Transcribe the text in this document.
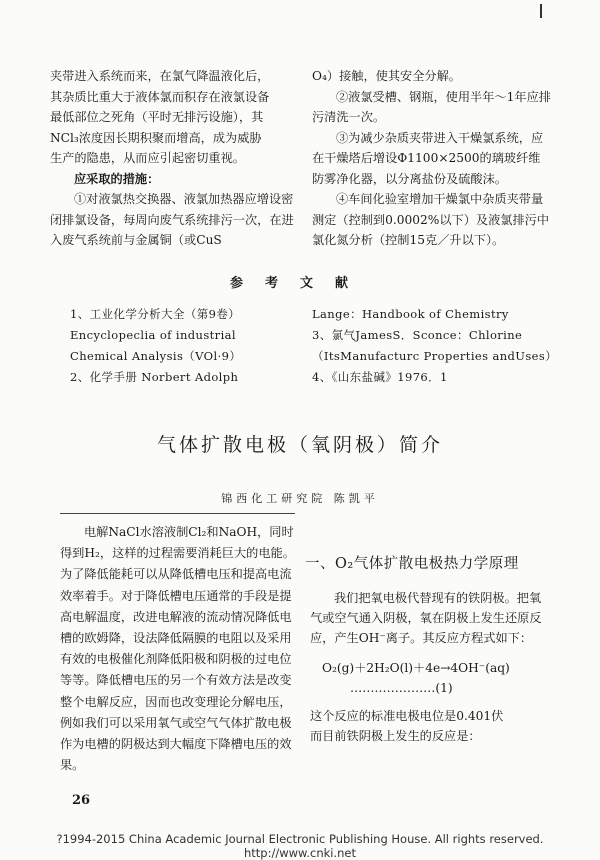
夹带进入系统而来，在氯气降温液化后，

其杂质比重大于液体氯而积存在液氯设备

最低部位之死角（平时无排污设施），其

NCl₃浓度因长期积聚而增高，成为威胁

生产的隐患，从而应引起密切重视。

应采取的措施：

①对液氯热交换器、液氯加热器应增设密闭排氯设备，每周向废气系统排污一次，在进入废气系统前与金属铜（或CuS

O₄）接触，使其安全分解。

②液氯受槽、钢瓶，使用半年～1年应排污清洗一次。

③为减少杂质夹带进入干燥氯系统，应在干燥塔后增设Φ1100×2500的璃玻纤维防雾净化器，以分离盐份及硫酸沫。

④车间化验室增加干燥氯中杂质夹带量测定（控制到0.0002%以下）及液氯排污中氯化氮分析（控制15克／升以下）。

参考文献

1、工业化学分析大全（第9卷）

Encyclopeclia of industrial

Chemical Analysis（VOl·9）

2、化学手册 Norbert Adolph

Lange：Handbook of Chemistry

3、氯气JamesS．Sconce：Chlorine

（ItsManufacturc Properties andUses）

4、《山东盐碱》1976．1

气体扩散电极（氧阴极）简介
锦西化工研究院 陈凯平

电解NaCl水溶液制Cl₂和NaOH，同时得到H₂，这样的过程需要消耗巨大的电能。为了降低能耗可以从降低槽电压和提高电流效率着手。对于降低槽电压通常的手段是提高电解温度，改进电解液的流动情况降低电槽的欧姆降，设法降低隔膜的电阻以及采用有效的电极催化剂降低阳极和阴极的过电位等等。降低槽电压的另一个有效方法是改变整个电解反应，因而也改变理论分解电压，例如我们可以采用氧气或空气气体扩散电极作为电槽的阴极达到大幅度下降槽电压的效果。

一、O₂气体扩散电极热力学原理

我们把氧电极代替现有的铁阴极。把氧气或空气通入阴极，氧在阴极上发生还原反应，产生OH⁻离子。其反应方程式如下：

O₂(g)＋2H₂O(l)＋4e→4OH⁻(aq)

…………………(1)

这个反应的标准电极电位是0.401伏

而目前铁阴极上发生的反应是：

26
?1994-2015 China Academic Journal Electronic Publishing House. All rights reserved. http://www.cnki.net
